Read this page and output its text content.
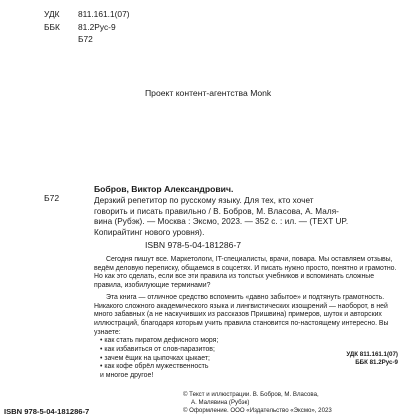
УДК	811.161.1(07)
ББК	81.2Рус-9
Б72
Проект контент-агентства Monk
Б72
Бобров, Виктор Александрович.
Дерзкий репетитор по русскому языку. Для тех, кто хочет
говорить и писать правильно / В. Бобров, М. Власова, А. Маля-
вина (Рубэк). — Москва : Эксмо, 2023. — 352 с. : ил. — (TEXT UP.
Копирайтинг нового уровня).
ISBN 978-5-04-181286-7

Сегодня пишут все. Маркетологи, IT-специалисты, врачи, повара. Мы оставляем отзывы, ведём деловую переписку, общаемся в соцсетях. И писать нужно просто, понятно и грамотно. Но как это сделать, если все эти правила из толстых учебников и вспоминать сложные правила, изобилующие терминами?

Эта книга — отличное средство вспомнить «давно забытое» и подтянуть грамотность. Никакого сложного академического языка и лингвистических изощрений — наоборот, в ней много забавных (а не наскучивших из рассказов Пришвина) примеров, шуток и авторских иллюстраций, благодаря которым учить правила становится по-настоящему интересно. Вы узнаете:

• как стать пиратом дефисного моря;
• как избавиться от слов-паразитов;
• зачем ёщик на цыпочках цыкает;
• как кофе обрёл мужественность
и многое другое!
УДК 811.161.1(07)
ББК 81.2Рус-9
© Текст и иллюстрации. В. Бобров, М. Власова,
А. Малявина (Рубэк)
© Оформление. ООО «Издательство «Эксмо», 2023
ISBN 978-5-04-181286-7
